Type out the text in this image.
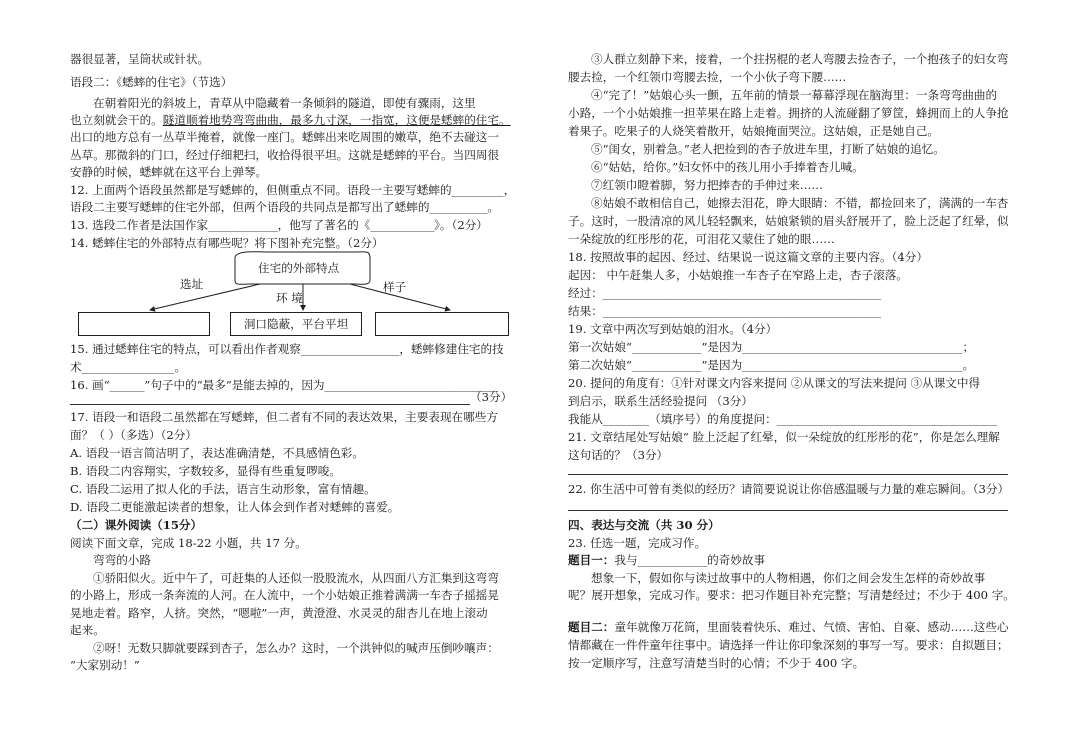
器很显著，呈筒状或针状。
语段二：《蟋蟀的住宅》（节选）
在朝着阳光的斜坡上，青草从中隐藏着一条倾斜的隧道，即使有骤雨，这里
也立刻就会干的。隧道顺着地势弯弯曲曲，最多九寸深，一指宽，这便是蟋蟀的住宅。
出口的地方总有一丛草半掩着，就像一座门。蟋蟀出来吃周围的嫩草，绝不去碰这一
丛草。那微斜的门口，经过仔细耙扫，收拾得很平坦。这就是蟋蟀的平台。当四周很
安静的时候，蟋蟀就在这平台上弹琴。
12. 上面两个语段虽然都是写蟋蟀的，但侧重点不同。语段一主要写蟋蟀的_________，
语段二主要写蟋蟀的住宅外部，但两个语段的共同点是都写出了蟋蟀的__________。
13. 选段二作者是法国作家____________，他写了著名的《___________》。（2分）
14. 蟋蟀住宅的外部特点有哪些呢？将下图补充完整。（2分）
住宅的外部特点
选址
环 境
样子
洞口隐蔽，平台平坦
15. 通过蟋蟀住宅的特点，可以看出作者观察_________________，蟋蟀修建住宅的技
术________________。
16. 画“______”句子中的“最多”是能去掉的，因为______________________________
（3分）
17. 语段一和语段二虽然都在写蟋蟀，但二者有不同的表达效果，主要表现在哪些方
面？（ ）（多选）（2分）
A. 语段一语言简洁明了，表达准确清楚，不具感情色彩。
B. 语段二内容翔实，字数较多，显得有些重复啰唆。
C. 语段二运用了拟人化的手法，语言生动形象，富有情趣。
D. 语段二更能激起读者的想象，让人体会到作者对蟋蟀的喜爱。
（二）课外阅读（15分）
阅读下面文章，完成 18-22 小题，共 17 分。
弯弯的小路
①骄阳似火。近中午了，可赶集的人还似一股股流水，从四面八方汇集到这弯弯
的小路上，形成一条奔流的人河。在人流中，一个小姑娘正推着满满一车杏子摇摇晃
晃地走着。路窄，人挤。突然，“嗯啦”一声，黄澄澄、水灵灵的甜杏儿在地上滚动
起来。
②呀！无数只脚就要踩到杏子，怎么办？这时，一个洪钟似的喊声压倒吵嚷声：
“大家别动！”
③人群立刻静下来，接着，一个拄拐棍的老人弯腰去捡杏子，一个抱孩子的妇女弯
腰去捡，一个红领巾弯腰去捡，一个小伙子弯下腰……
④“完了！”姑娘心头一颤，五年前的情景一幕幕浮现在脑海里：一条弯弯曲曲的
小路，一个小姑娘推一担苹果在路上走着。拥挤的人流碰翻了箩筐，蜂拥而上的人争抢
着果子。吃果子的人烧笑着散开，姑娘掩面哭泣。这姑娘，正是她自己。
⑤“闺女，别着急。”老人把捡到的杏子放进车里，打断了姑娘的追忆。
⑥“姑姑，给你。”妇女怀中的孩儿用小手捧着杏儿喊。
⑦红领巾瞪着脚，努力把捧杏的手伸过来……
⑧姑娘不敢相信自己，她擦去泪花，睁大眼睛：不错，都捡回来了，满满的一车杏
子。这时，一股清凉的风儿轻轻飘来，姑娘紧锁的眉头舒展开了，脸上泛起了红晕，似
一朵绽放的红彤彤的花，可泪花又蒙住了她的眼……
18. 按照故事的起因、经过、结果说一说这篇文章的主要内容。（4分）
起因： 中午赶集人多，小姑娘推一车杏子在窄路上走，杏子滚落。
经过：________________________________________________
结果：________________________________________________
19. 文章中两次写到姑娘的泪水。（4分）
第一次姑娘“____________”是因为______________________________________；
第二次姑娘“____________”是因为______________________________________。
20. 提问的角度有：①针对课文内容来提问 ②从课文的写法来提问 ③从课文中得
到启示，联系生活经验提问 （3分）
我能从________（填序号）的角度提问：______________________________________
21. 文章结尾处写姑娘“ 脸上泛起了红晕，似一朵绽放的红彤彤的花”，你是怎么理解
这句话的？（3分）
22. 你生活中可曾有类似的经历？请简要说说让你倍感温暖与力量的难忘瞬间。（3分）
四、表达与交流（共 30 分）
23. 任选一题，完成习作。
题目一：我与____________的奇妙故事
想象一下，假如你与读过故事中的人物相遇，你们之间会发生怎样的奇妙故事
呢？展开想象，完成习作。要求：把习作题目补充完整；写清楚经过；不少于 400 字。
题目二：童年就像万花筒，里面装着快乐、难过、气愤、害怕、自豪、感动……这些心
情都藏在一件件童年往事中。请选择一件让你印象深刻的事写一写。要求：自拟题目；
按一定顺序写，注意写清楚当时的心情；不少于 400 字。
